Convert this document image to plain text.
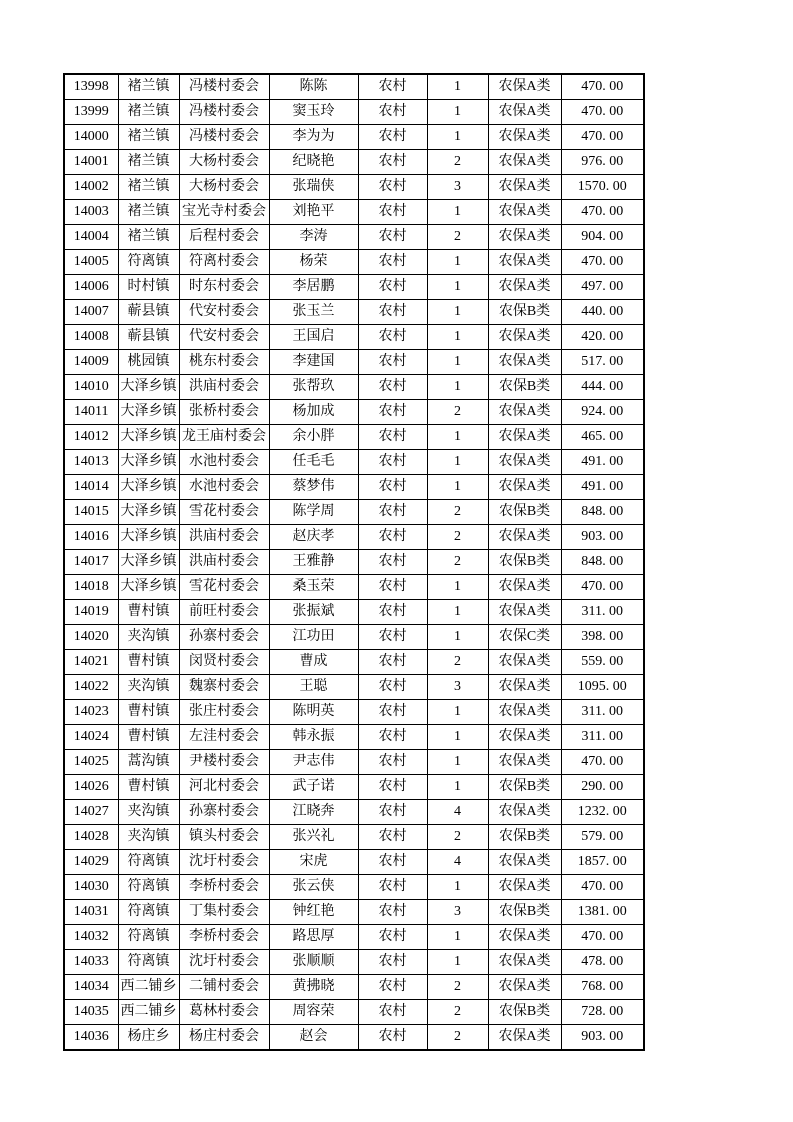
13998	褚兰镇	冯楼村委会	陈陈	农村	1	农保A类	470. 00
13999	褚兰镇	冯楼村委会	窦玉玲	农村	1	农保A类	470. 00
14000	褚兰镇	冯楼村委会	李为为	农村	1	农保A类	470. 00
14001	褚兰镇	大杨村委会	纪晓艳	农村	2	农保A类	976. 00
14002	褚兰镇	大杨村委会	张瑞侠	农村	3	农保A类	1570. 00
14003	褚兰镇	宝光寺村委会	刘艳平	农村	1	农保A类	470. 00
14004	褚兰镇	后程村委会	李涛	农村	2	农保A类	904. 00
14005	符离镇	符离村委会	杨荣	农村	1	农保A类	470. 00
14006	时村镇	时东村委会	李居鹏	农村	1	农保A类	497. 00
14007	蕲县镇	代安村委会	张玉兰	农村	1	农保B类	440. 00
14008	蕲县镇	代安村委会	王国启	农村	1	农保A类	420. 00
14009	桃园镇	桃东村委会	李建国	农村	1	农保A类	517. 00
14010	大泽乡镇	洪庙村委会	张帮玖	农村	1	农保B类	444. 00
14011	大泽乡镇	张桥村委会	杨加成	农村	2	农保A类	924. 00
14012	大泽乡镇	龙王庙村委会	余小胖	农村	1	农保A类	465. 00
14013	大泽乡镇	水池村委会	任毛毛	农村	1	农保A类	491. 00
14014	大泽乡镇	水池村委会	蔡梦伟	农村	1	农保A类	491. 00
14015	大泽乡镇	雪花村委会	陈学周	农村	2	农保B类	848. 00
14016	大泽乡镇	洪庙村委会	赵庆孝	农村	2	农保A类	903. 00
14017	大泽乡镇	洪庙村委会	王雅静	农村	2	农保B类	848. 00
14018	大泽乡镇	雪花村委会	桑玉荣	农村	1	农保A类	470. 00
14019	曹村镇	前旺村委会	张振斌	农村	1	农保A类	311. 00
14020	夹沟镇	孙寨村委会	江功田	农村	1	农保C类	398. 00
14021	曹村镇	闵贤村委会	曹成	农村	2	农保A类	559. 00
14022	夹沟镇	魏寨村委会	王聪	农村	3	农保A类	1095. 00
14023	曹村镇	张庄村委会	陈明英	农村	1	农保A类	311. 00
14024	曹村镇	左洼村委会	韩永振	农村	1	农保A类	311. 00
14025	蒿沟镇	尹楼村委会	尹志伟	农村	1	农保A类	470. 00
14026	曹村镇	河北村委会	武子诺	农村	1	农保B类	290. 00
14027	夹沟镇	孙寨村委会	江晓奔	农村	4	农保A类	1232. 00
14028	夹沟镇	镇头村委会	张兴礼	农村	2	农保B类	579. 00
14029	符离镇	沈圩村委会	宋虎	农村	4	农保A类	1857. 00
14030	符离镇	李桥村委会	张云侠	农村	1	农保A类	470. 00
14031	符离镇	丁集村委会	钟红艳	农村	3	农保B类	1381. 00
14032	符离镇	李桥村委会	路思厚	农村	1	农保A类	470. 00
14033	符离镇	沈圩村委会	张顺顺	农村	1	农保A类	478. 00
14034	西二铺乡	二铺村委会	黄拂晓	农村	2	农保A类	768. 00
14035	西二铺乡	葛林村委会	周容荣	农村	2	农保B类	728. 00
14036	杨庄乡	杨庄村委会	赵会	农村	2	农保A类	903. 00
